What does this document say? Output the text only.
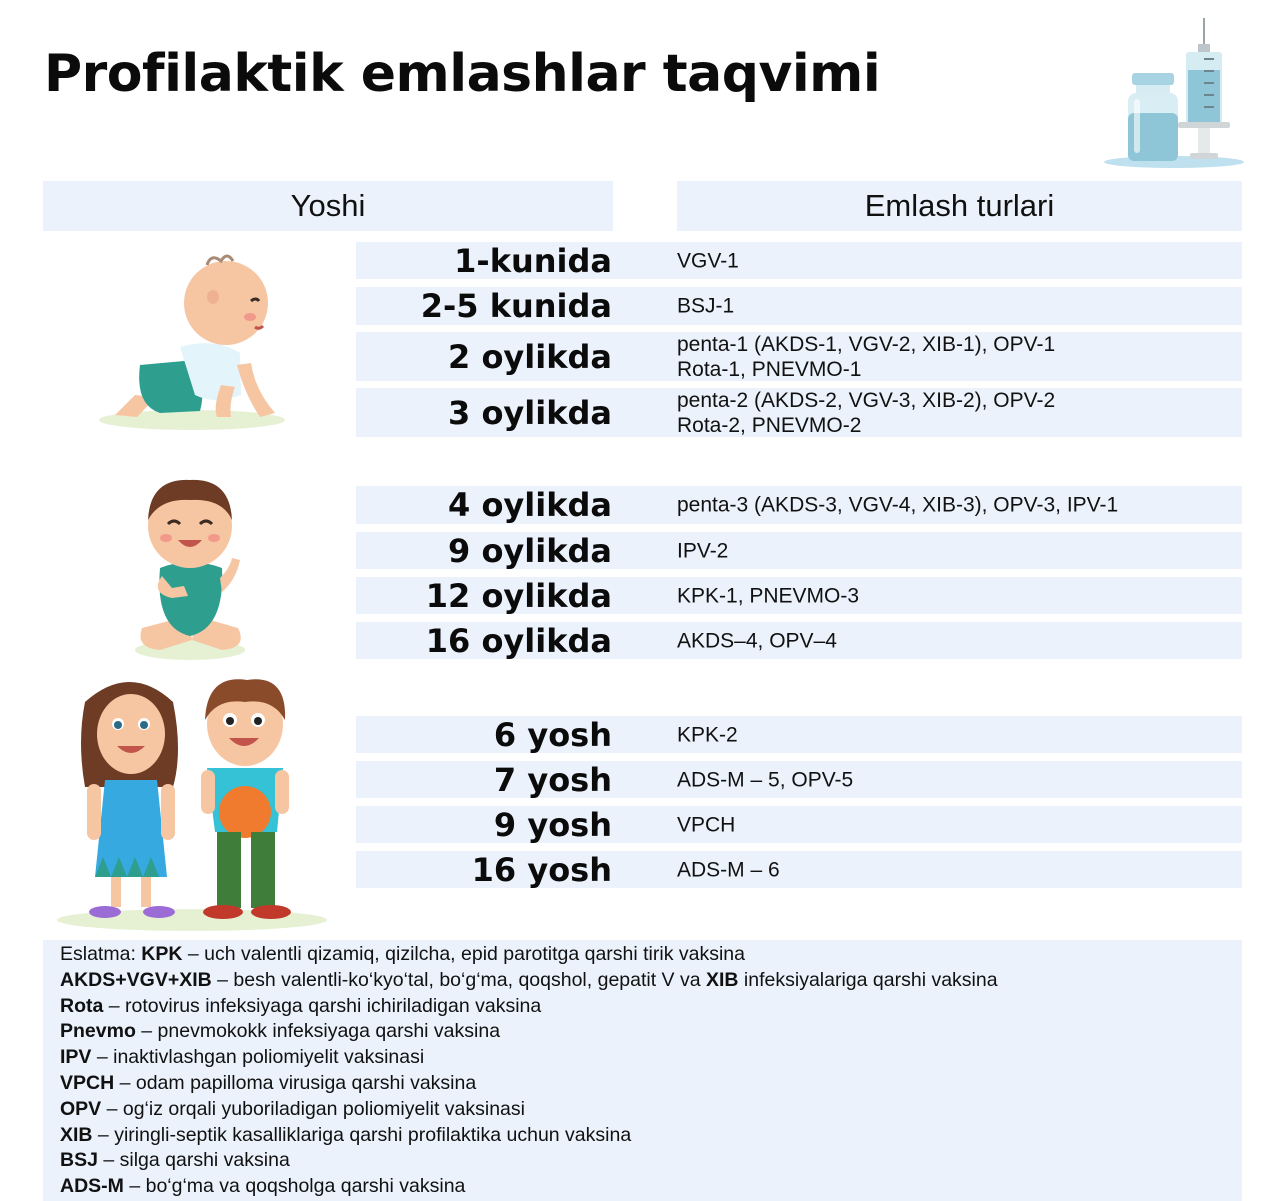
Profilaktik emlashlar taqvimi
Yoshi	Emlash turlari
1-kunida	VGV-1
2-5 kunida	BSJ-1
2 oylikda	penta-1 (AKDS-1, VGV-2, XIB-1), OPV-1
Rota-1, PNEVMO-1
3 oylikda	penta-2 (AKDS-2, VGV-3, XIB-2), OPV-2
Rota-2, PNEVMO-2
4 oylikda	penta-3 (AKDS-3, VGV-4, XIB-3), OPV-3, IPV-1
9 oylikda	IPV-2
12 oylikda	KPK-1, PNEVMO-3
16 oylikda	AKDS–4, OPV–4
6 yosh	KPK-2
7 yosh	ADS-M – 5, OPV-5
9 yosh	VPCH
16 yosh	ADS-M – 6
Eslatma: KPK – uch valentli qizamiq, qizilcha, epid parotitga qarshi tirik vaksina
AKDS+VGV+XIB – besh valentli-ko‘kyo‘tal, bo‘g‘ma, qoqshol, gepatit V va XIB infeksiyalariga qarshi vaksina
Rota – rotovirus infeksiyaga qarshi ichiriladigan vaksina
Pnevmo – pnevmokokk infeksiyaga qarshi vaksina
IPV – inaktivlashgan poliomiyelit vaksinasi
VPCH – odam papilloma virusiga qarshi vaksina
OPV – og‘iz orqali yuboriladigan poliomiyelit vaksinasi
XIB – yiringli-septik kasalliklariga qarshi profilaktika uchun vaksina
BSJ – silga qarshi vaksina
ADS-M – bo‘g‘ma va qoqsholga qarshi vaksina
